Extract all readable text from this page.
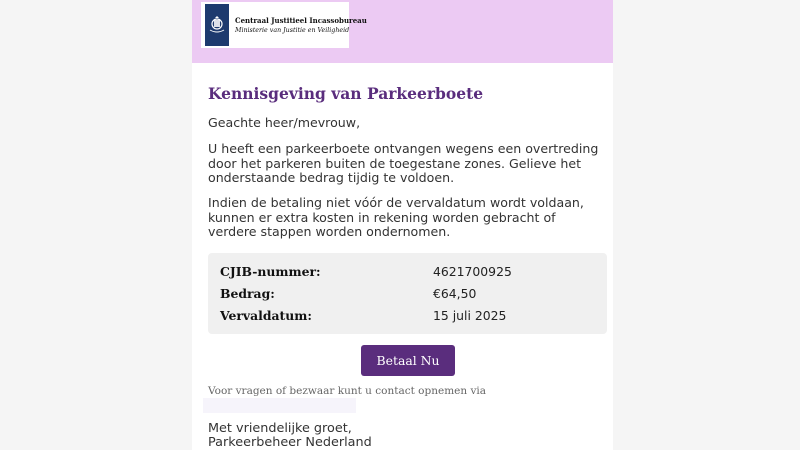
Centraal Justitieel Incassobureau
Ministerie van Justitie en Veiligheid
Kennisgeving van Parkeerboete
Geachte heer/mevrouw,
U heeft een parkeerboete ontvangen wegens een overtreding
door het parkeren buiten de toegestane zones. Gelieve het
onderstaande bedrag tijdig te voldoen.
Indien de betaling niet vóór de vervaldatum wordt voldaan,
kunnen er extra kosten in rekening worden gebracht of
verdere stappen worden ondernomen.
CJIB-nummer:	4621700925
Bedrag:	€64,50
Vervaldatum:	15 juli 2025
Betaal Nu
Voor vragen of bezwaar kunt u contact opnemen via
Met vriendelijke groet,
Parkeerbeheer Nederland
